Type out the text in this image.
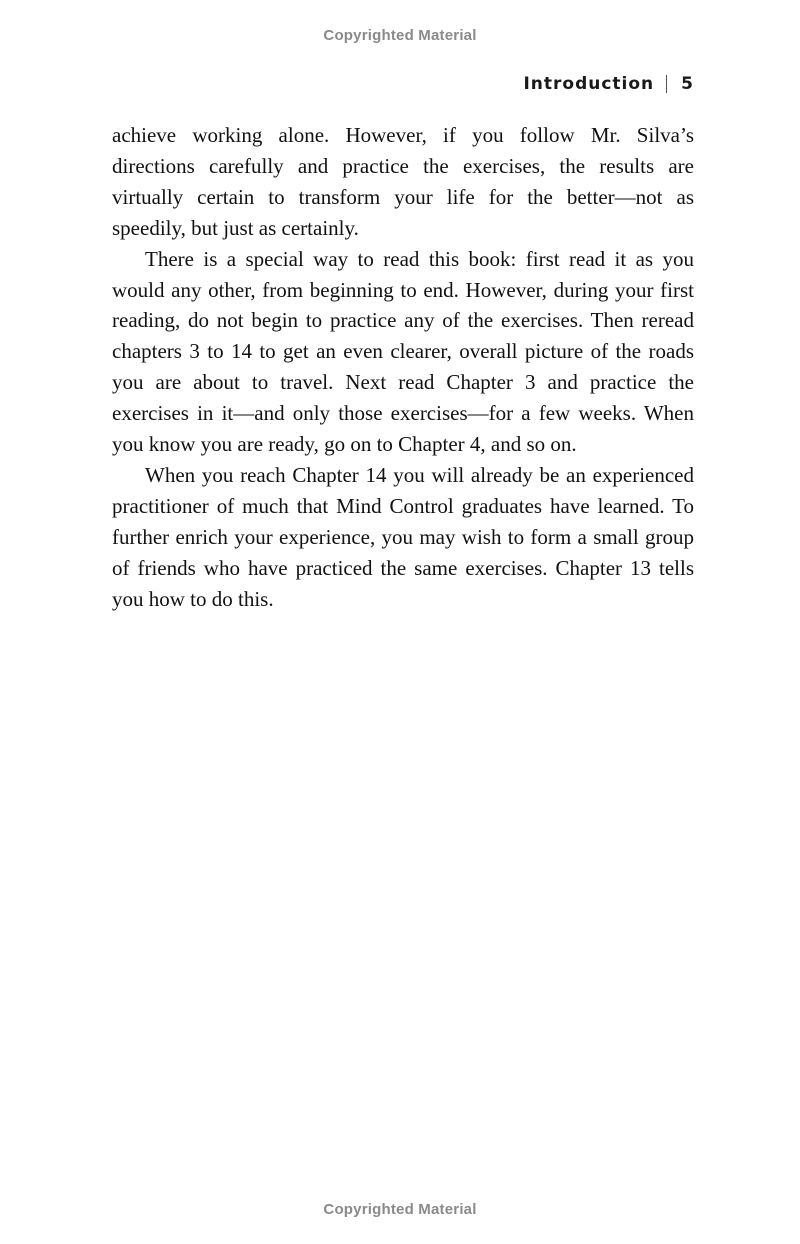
Copyrighted Material
Introduction 5

achieve working alone. However, if you follow Mr. Silva’s directions carefully and practice the exercises, the results are virtually certain to transform your life for the better—not as speedily, but just as certainly.

There is a special way to read this book: first read it as you would any other, from beginning to end. However, during your first reading, do not begin to practice any of the exercises. Then reread chapters 3 to 14 to get an even clearer, overall picture of the roads you are about to travel. Next read Chapter 3 and practice the exercises in it—and only those exercises—for a few weeks. When you know you are ready, go on to Chapter 4, and so on.

When you reach Chapter 14 you will already be an experienced practitioner of much that Mind Control graduates have learned. To further enrich your experience, you may wish to form a small group of friends who have practiced the same exercises. Chapter 13 tells you how to do this.

Copyrighted Material
